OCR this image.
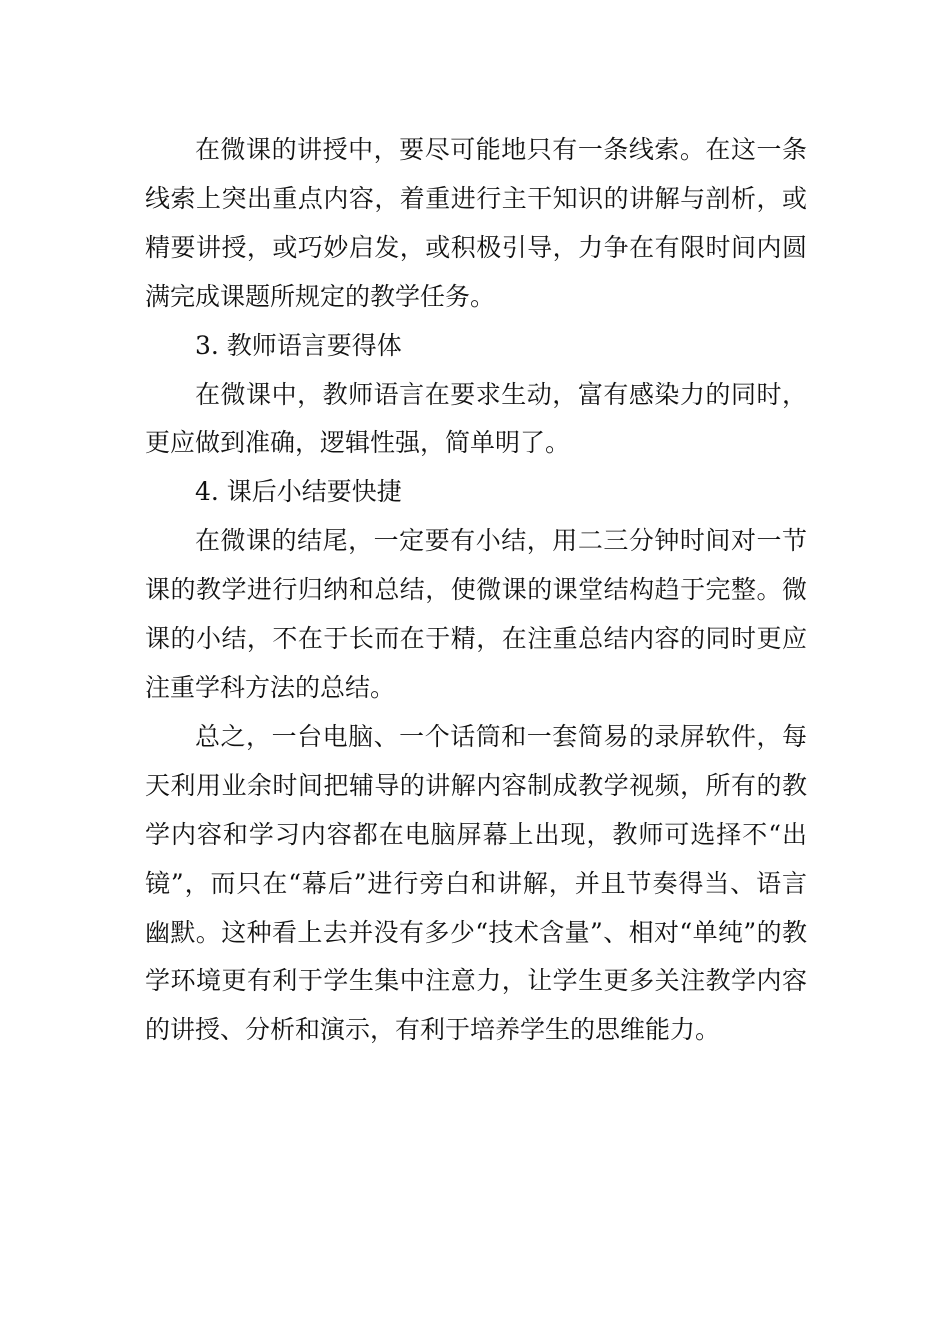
在微课的讲授中，要尽可能地只有一条线索。在这一条线索上突出重点内容，着重进行主干知识的讲解与剖析，或精要讲授，或巧妙启发，或积极引导，力争在有限时间内圆满完成课题所规定的教学任务。

3. 教师语言要得体

在微课中，教师语言在要求生动，富有感染力的同时，更应做到准确，逻辑性强，简单明了。

4. 课后小结要快捷

在微课的结尾，一定要有小结，用二三分钟时间对一节课的教学进行归纳和总结，使微课的课堂结构趋于完整。微课的小结，不在于长而在于精，在注重总结内容的同时更应注重学科方法的总结。

总之，一台电脑、一个话筒和一套简易的录屏软件，每天利用业余时间把辅导的讲解内容制成教学视频，所有的教学内容和学习内容都在电脑屏幕上出现，教师可选择不“出镜”，而只在“幕后”进行旁白和讲解，并且节奏得当、语言幽默。这种看上去并没有多少“技术含量”、相对“单纯”的教学环境更有利于学生集中注意力，让学生更多关注教学内容的讲授、分析和演示，有利于培养学生的思维能力。
